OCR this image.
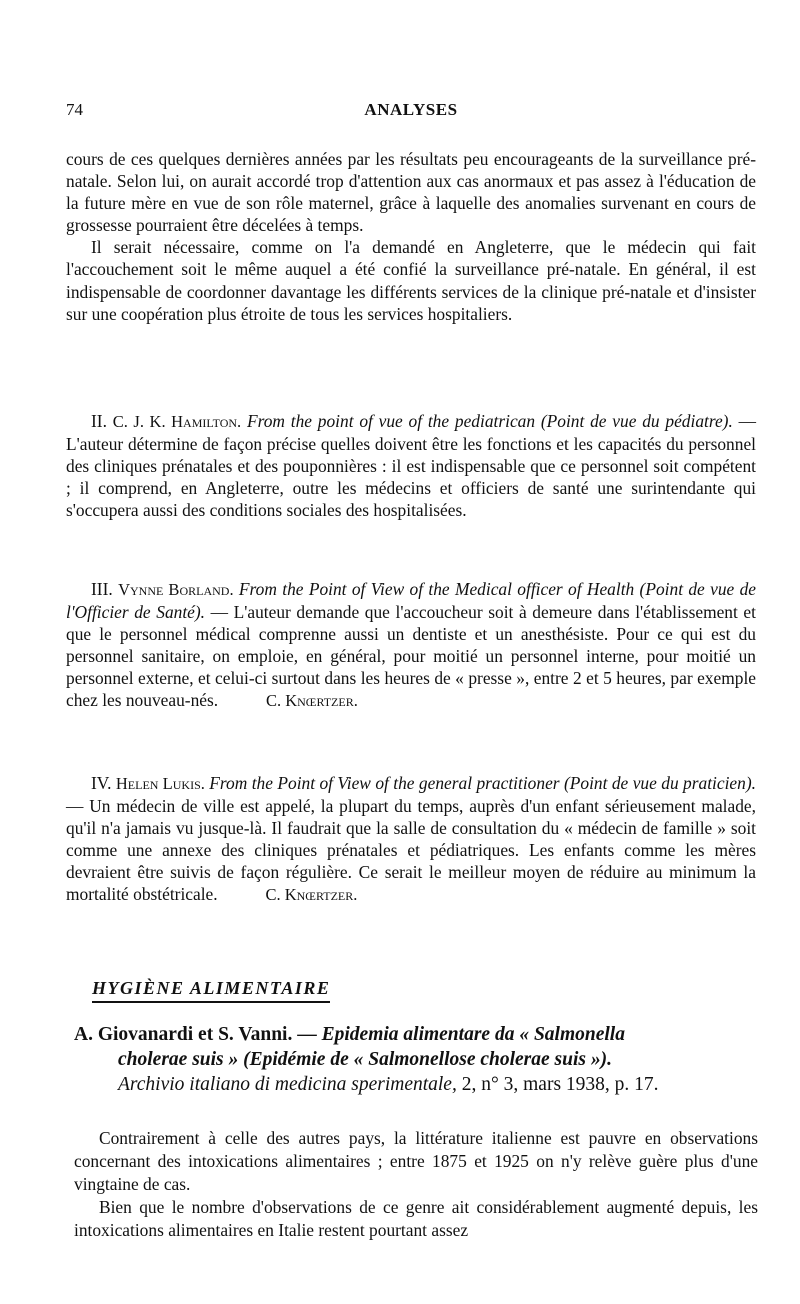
74	ANALYSES

cours de ces quelques dernières années par les résultats peu encourageants de la surveillance pré-natale. Selon lui, on aurait accordé trop d'attention aux cas anormaux et pas assez à l'éducation de la future mère en vue de son rôle maternel, grâce à laquelle des anomalies survenant en cours de grossesse pourraient être décelées à temps.

Il serait nécessaire, comme on l'a demandé en Angleterre, que le médecin qui fait l'accouchement soit le même auquel a été confié la surveillance pré-natale. En général, il est indispensable de coordonner davantage les différents services de la clinique pré-natale et d'insister sur une coopération plus étroite de tous les services hospitaliers.

II. C. J. K. Hamilton. From the point of vue of the pediatrican (Point de vue du pédiatre). — L'auteur détermine de façon précise quelles doivent être les fonctions et les capacités du personnel des cliniques prénatales et des pouponnières : il est indispensable que ce personnel soit compétent ; il comprend, en Angleterre, outre les médecins et officiers de santé une surintendante qui s'occupera aussi des conditions sociales des hospitalisées.

III. Vynne Borland. From the Point of View of the Medical officer of Health (Point de vue de l'Officier de Santé). — L'auteur demande que l'accoucheur soit à demeure dans l'établissement et que le personnel médical comprenne aussi un dentiste et un anesthésiste. Pour ce qui est du personnel sanitaire, on emploie, en général, pour moitié un personnel interne, pour moitié un personnel externe, et celui-ci surtout dans les heures de « presse », entre 2 et 5 heures, par exemple chez les nouveau-nés.	C. Knœrtzer.

IV. Helen Lukis. From the Point of View of the general practitioner (Point de vue du praticien). — Un médecin de ville est appelé, la plupart du temps, auprès d'un enfant sérieusement malade, qu'il n'a jamais vu jusque-là. Il faudrait que la salle de consultation du « médecin de famille » soit comme une annexe des cliniques prénatales et pédiatriques. Les enfants comme les mères devraient être suivis de façon régulière. Ce serait le meilleur moyen de réduire au minimum la mortalité obstétricale.	C. Knœrtzer.

HYGIÈNE ALIMENTAIRE
A. Giovanardi et S. Vanni. — Epidemia alimentare da « Salmonella
cholerae suis » (Epidémie de « Salmonellose cholerae suis »).
Archivio italiano di medicina sperimentale, 2, n° 3, mars 1938, p. 17.

Contrairement à celle des autres pays, la littérature italienne est pauvre en observations concernant des intoxications alimentaires ; entre 1875 et 1925 on n'y relève guère plus d'une vingtaine de cas.

Bien que le nombre d'observations de ce genre ait considérablement augmenté depuis, les intoxications alimentaires en Italie restent pourtant assez
